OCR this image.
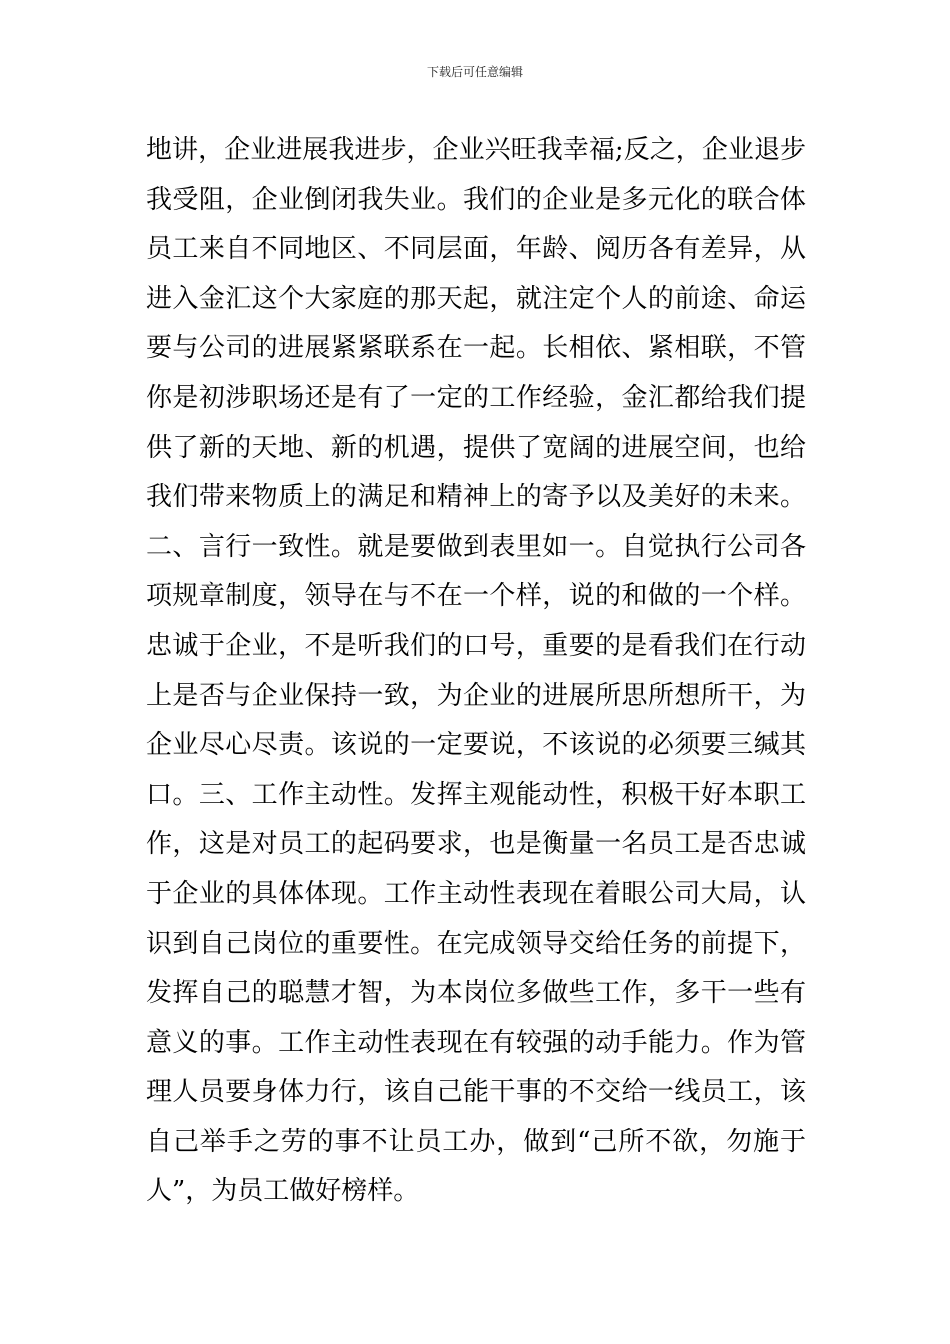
下载后可任意编辑
地讲，企业进展我进步，企业兴旺我幸福;反之，企业退步
我受阻，企业倒闭我失业。我们的企业是多元化的联合体
员工来自不同地区、不同层面，年龄、阅历各有差异，从
进入金汇这个大家庭的那天起，就注定个人的前途、命运
要与公司的进展紧紧联系在一起。长相依、紧相联，不管
你是初涉职场还是有了一定的工作经验，金汇都给我们提
供了新的天地、新的机遇，提供了宽阔的进展空间，也给
我们带来物质上的满足和精神上的寄予以及美好的未来。
二、言行一致性。就是要做到表里如一。自觉执行公司各
项规章制度，领导在与不在一个样，说的和做的一个样。
忠诚于企业，不是听我们的口号，重要的是看我们在行动
上是否与企业保持一致，为企业的进展所思所想所干，为
企业尽心尽责。该说的一定要说，不该说的必须要三缄其
口。三、工作主动性。发挥主观能动性，积极干好本职工
作，这是对员工的起码要求，也是衡量一名员工是否忠诚
于企业的具体体现。工作主动性表现在着眼公司大局，认
识到自己岗位的重要性。在完成领导交给任务的前提下，
发挥自己的聪慧才智，为本岗位多做些工作，多干一些有
意义的事。工作主动性表现在有较强的动手能力。作为管
理人员要身体力行，该自己能干事的不交给一线员工，该
自己举手之劳的事不让员工办，做到“己所不欲，勿施于
人”，为员工做好榜样。
